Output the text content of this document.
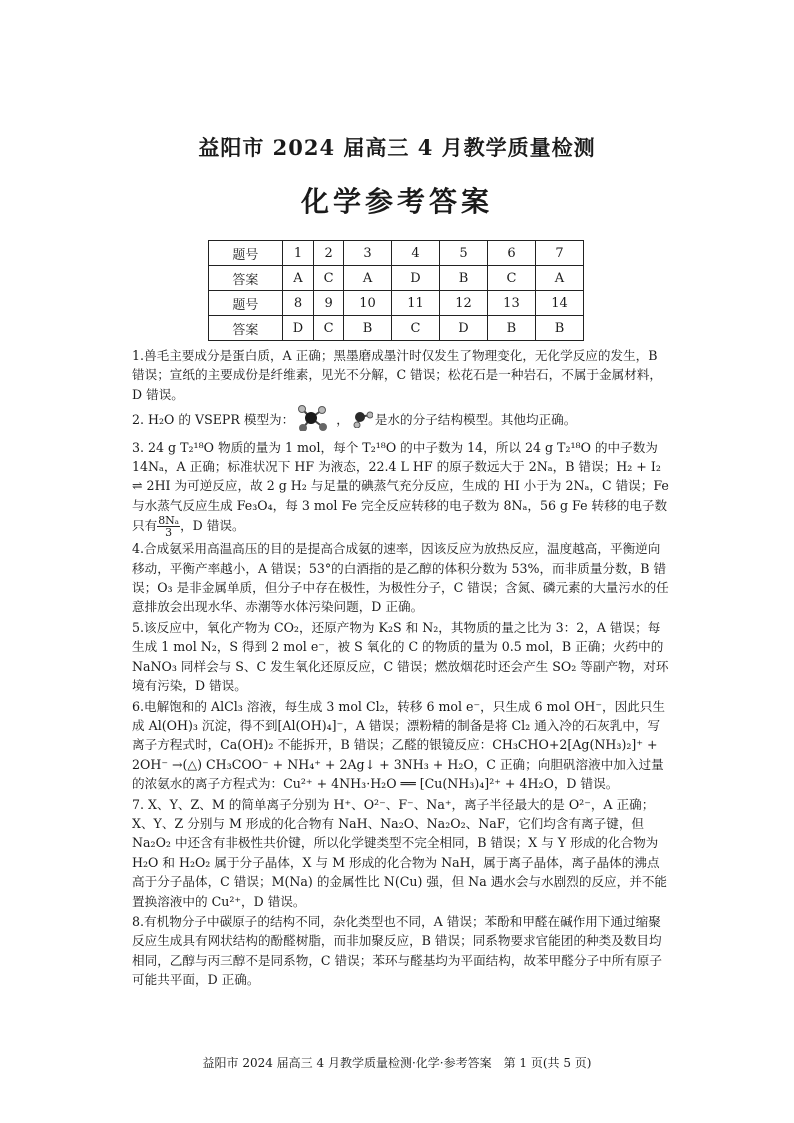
益阳市 2024 届高三 4 月教学质量检测
化学参考答案
题号	1	2	3	4	5	6	7
答案	A	C	A	D	B	C	A
题号	8	9	10	11	12	13	14
答案	D	C	B	C	D	B	B

1.兽毛主要成分是蛋白质，A 正确；黑墨磨成墨汁时仅发生了物理变化，无化学反应的发生，B 错误；宣纸的主要成份是纤维素，见光不分解，C 错误；松花石是一种岩石，不属于金属材料，D 错误。

2. H₂O 的 VSEPR 模型为：	， 是水的分子结构模型。其他均正确。

3. 24 g T₂¹⁸O 物质的量为 1 mol，每个 T₂¹⁸O 的中子数为 14，所以 24 g T₂¹⁸O 的中子数为 14Nₐ，A 正确；标准状况下 HF 为液态，22.4 L HF 的原子数远大于 2Nₐ，B 错误；H₂ + I₂ ⇌ 2HI 为可逆反应，故 2 g H₂ 与足量的碘蒸气充分反应，生成的 HI 小于为 2Nₐ，C 错误；Fe 与水蒸气反应生成 Fe₃O₄，每 3 mol Fe 完全反应转移的电子数为 8Nₐ，56 g Fe 转移的电子数只有 $\frac{\text{8Nₐ}}{3}$ ，D 错误。

4.合成氨采用高温高压的目的是提高合成氨的速率，因该反应为放热反应，温度越高，平衡逆向移动，平衡产率越小，A 错误；53°的白酒指的是乙醇的体积分数为 53%，而非质量分数，B 错误；O₃ 是非金属单质，但分子中存在极性，为极性分子，C 错误；含氮、磷元素的大量污水的任意排放会出现水华、赤潮等水体污染问题，D 正确。

5.该反应中，氧化产物为 CO₂，还原产物为 K₂S 和 N₂，其物质的量之比为 3：2，A 错误；每生成 1 mol N₂，S 得到 2 mol e⁻，被 S 氧化的 C 的物质的量为 0.5 mol，B 正确；火药中的 NaNO₃ 同样会与 S、C 发生氧化还原反应，C 错误；燃放烟花时还会产生 SO₂ 等副产物，对环境有污染，D 错误。

6.电解饱和的 AlCl₃ 溶液，每生成 3 mol Cl₂，转移 6 mol e⁻，只生成 6 mol OH⁻，因此只生成 Al(OH)₃ 沉淀，得不到[Al(OH)₄]⁻，A 错误；漂粉精的制备是将 Cl₂ 通入冷的石灰乳中，写离子方程式时，Ca(OH)₂ 不能拆开，B 错误；乙醛的银镜反应：CH₃CHO+2[Ag(NH₃)₂]⁺ + 2OH⁻ →(△) CH₃COO⁻ + NH₄⁺ + 2Ag↓ + 3NH₃ + H₂O，C 正确；向胆矾溶液中加入过量的浓氨水的离子方程式为：Cu²⁺ + 4NH₃·H₂O ══ [Cu(NH₃)₄]²⁺ + 4H₂O，D 错误。

7. X、Y、Z、M 的简单离子分别为 H⁺、O²⁻、F⁻、Na⁺，离子半径最大的是 O²⁻，A 正确；X、Y、Z 分别与 M 形成的化合物有 NaH、Na₂O、Na₂O₂、NaF，它们均含有离子键，但 Na₂O₂ 中还含有非极性共价键，所以化学键类型不完全相同，B 错误；X 与 Y 形成的化合物为 H₂O 和 H₂O₂ 属于分子晶体，X 与 M 形成的化合物为 NaH，属于离子晶体，离子晶体的沸点高于分子晶体，C 错误；M(Na) 的金属性比 N(Cu) 强，但 Na 遇水会与水剧烈的反应，并不能置换溶液中的 Cu²⁺，D 错误。

8.有机物分子中碳原子的结构不同，杂化类型也不同，A 错误；苯酚和甲醛在碱作用下通过缩聚反应生成具有网状结构的酚醛树脂，而非加聚反应，B 错误；同系物要求官能团的种类及数目均相同，乙醇与丙三醇不是同系物，C 错误；苯环与醛基均为平面结构，故苯甲醛分子中所有原子可能共平面，D 正确。

益阳市 2024 届高三 4 月教学质量检测·化学·参考答案　第 1 页(共 5 页)
